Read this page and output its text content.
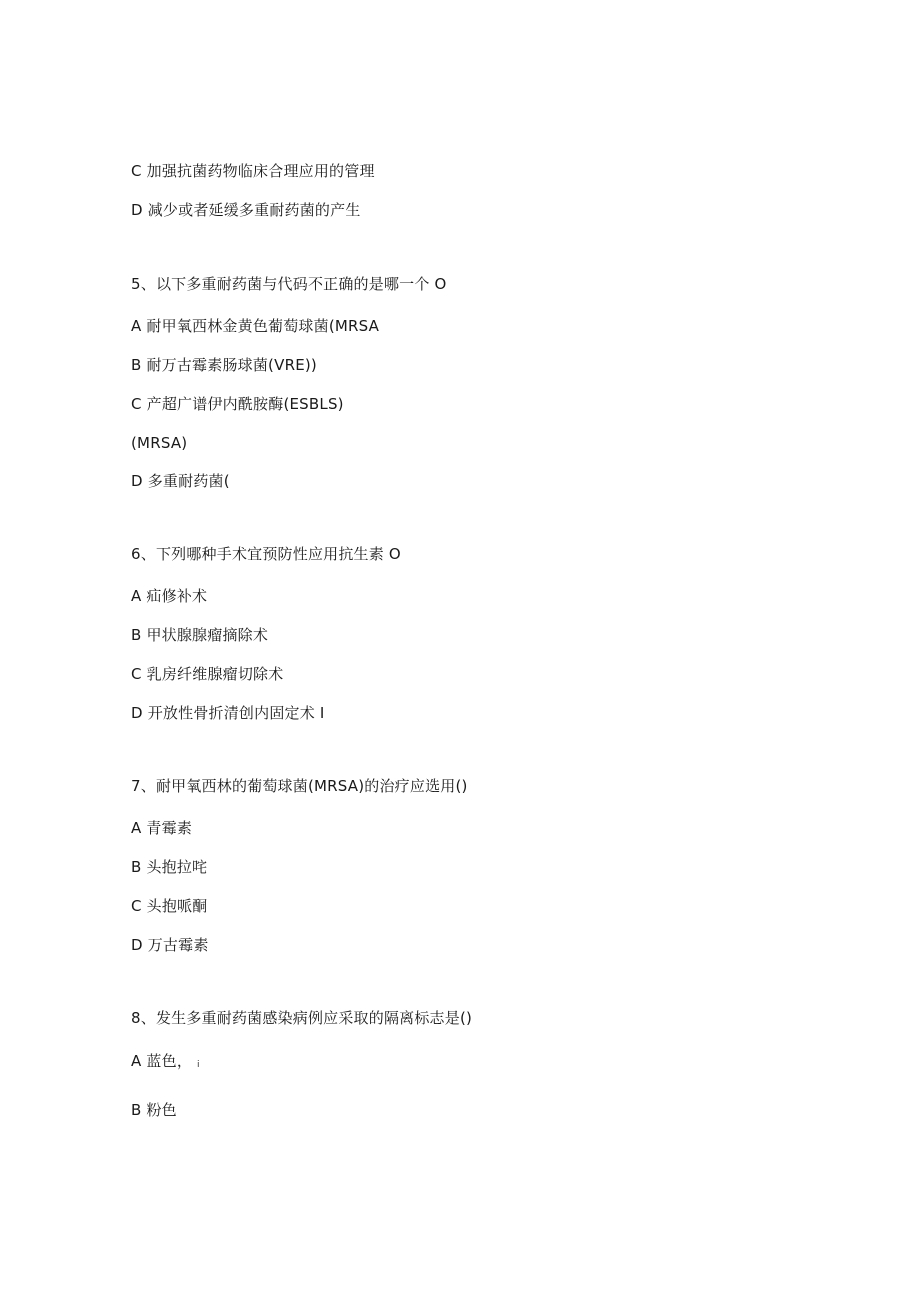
C 加强抗菌药物临床合理应用的管理
D 减少或者延缓多重耐药菌的产生
5、以下多重耐药菌与代码不正确的是哪一个 O
A 耐甲氧西林金黄色葡萄球菌(MRSA
B 耐万古霉素肠球菌(VRE))
C 产超广谱伊内酰胺酶(ESBLS)
(MRSA)
D 多重耐药菌(
6、下列哪种手术宜预防性应用抗生素 O
A 疝修补术
B 甲状腺腺瘤摘除术
C 乳房纤维腺瘤切除术
D 开放性骨折清创内固定术 I
7、耐甲氧西林的葡萄球菌(MRSA)的治疗应选用()
A 青霉素
B 头抱拉咤
C 头抱哌酮
D 万古霉素
8、发生多重耐药菌感染病例应采取的隔离标志是()
A 蓝色， i
B 粉色
